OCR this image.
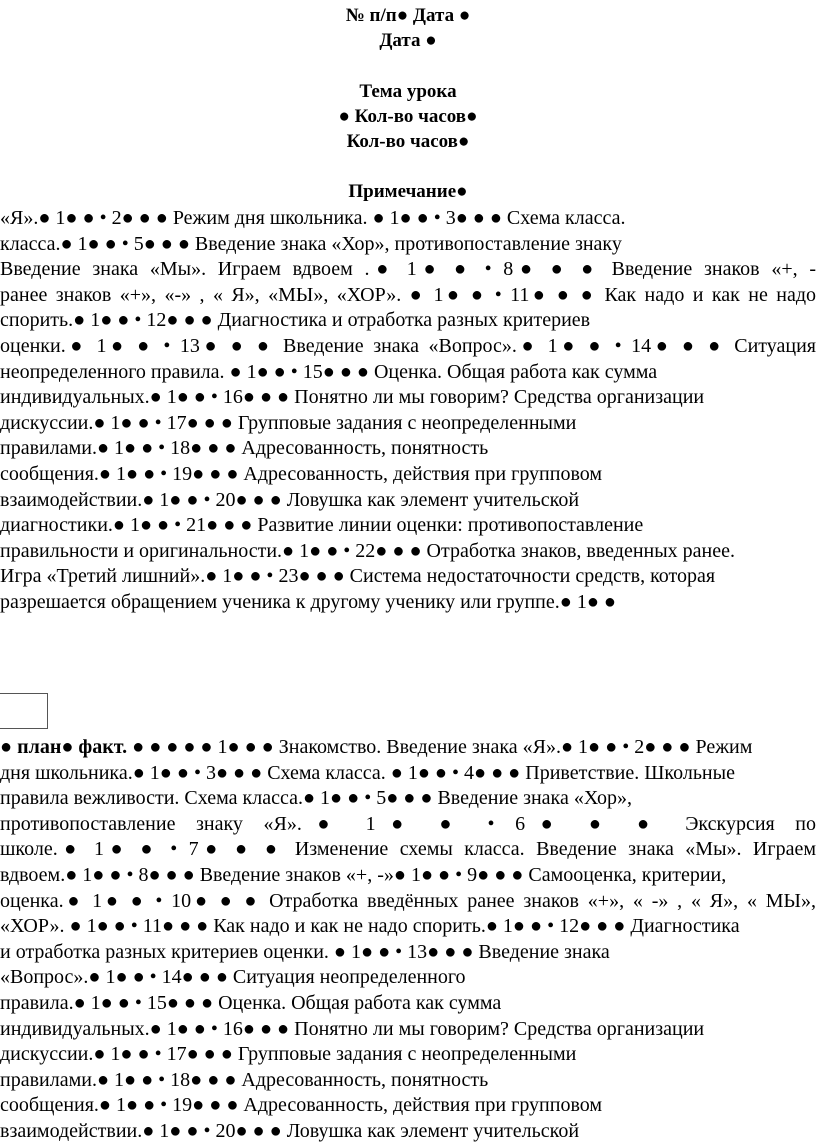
№ п/п● Дата ●
Дата ●
Тема урока
● Кол-во часов●
Кол-во часов●
Примечание●
«Я».● 1● ● • 2● ● ● Режим дня школьника. ● 1● ● • 3● ● ● Схема класса.
класса.● 1● ● • 5● ● ● Введение знака «Хор», противопоставление знаку
Введение знака «Мы». Играем вдвоем .● 1● ● • 8● ● ● Введение знаков «+, -
ранее знаков «+», «-» , « Я», «МЫ», «ХОР». ● 1● ● • 11● ● ● Как надо и как не надо
спорить.● 1● ● • 12● ● ● Диагностика и отработка разных критериев
оценки.● 1● ● • 13● ● ● Введение знака «Вопрос».● 1● ● • 14● ● ● Ситуация
неопределенного правила. ● 1● ● • 15● ● ● Оценка. Общая работа как сумма
индивидуальных.● 1● ● • 16● ● ● Понятно ли мы говорим? Средства организации
дискуссии.● 1● ● • 17● ● ● Групповые задания с неопределенными
правилами.● 1● ● • 18● ● ● Адресованность, понятность
сообщения.● 1● ● • 19● ● ● Адресованность, действия при групповом
взаимодействии.● 1● ● • 20● ● ● Ловушка как элемент учительской
диагностики.● 1● ● • 21● ● ● Развитие линии оценки: противопоставление
правильности и оригинальности.● 1● ● • 22● ● ● Отработка знаков, введенных ранее.
Игра «Третий лишний».● 1● ● • 23● ● ● Система недостаточности средств, которая
разрешается обращением ученика к другому ученику или группе.● 1● ●
● план● факт. ● ● ● ● ● 1● ● ● Знакомство. Введение знака «Я».● 1● ● • 2● ● ● Режим
дня школьника.● 1● ● • 3● ● ● Схема класса. ● 1● ● • 4● ● ● Приветствие. Школьные
правила вежливости. Схема класса.● 1● ● • 5● ● ● Введение знака «Хор»,
противопоставление знаку «Я».● 1● ● • 6● ● ● Экскурсия по
школе.● 1● ● • 7● ● ● Изменение схемы класса. Введение знака «Мы». Играем
вдвоем.● 1● ● • 8● ● ● Введение знаков «+, -»● 1● ● • 9● ● ● Самооценка, критерии,
оценка.● 1● ● • 10● ● ● Отработка введённых ранее знаков «+», « -» , « Я», « МЫ»,
«ХОР». ● 1● ● • 11● ● ● Как надо и как не надо спорить.● 1● ● • 12● ● ● Диагностика
и отработка разных критериев оценки. ● 1● ● • 13● ● ● Введение знака
«Вопрос».● 1● ● • 14● ● ● Ситуация неопределенного
правила.● 1● ● • 15● ● ● Оценка. Общая работа как сумма
индивидуальных.● 1● ● • 16● ● ● Понятно ли мы говорим? Средства организации
дискуссии.● 1● ● • 17● ● ● Групповые задания с неопределенными
правилами.● 1● ● • 18● ● ● Адресованность, понятность
сообщения.● 1● ● • 19● ● ● Адресованность, действия при групповом
взаимодействии.● 1● ● • 20● ● ● Ловушка как элемент учительской
